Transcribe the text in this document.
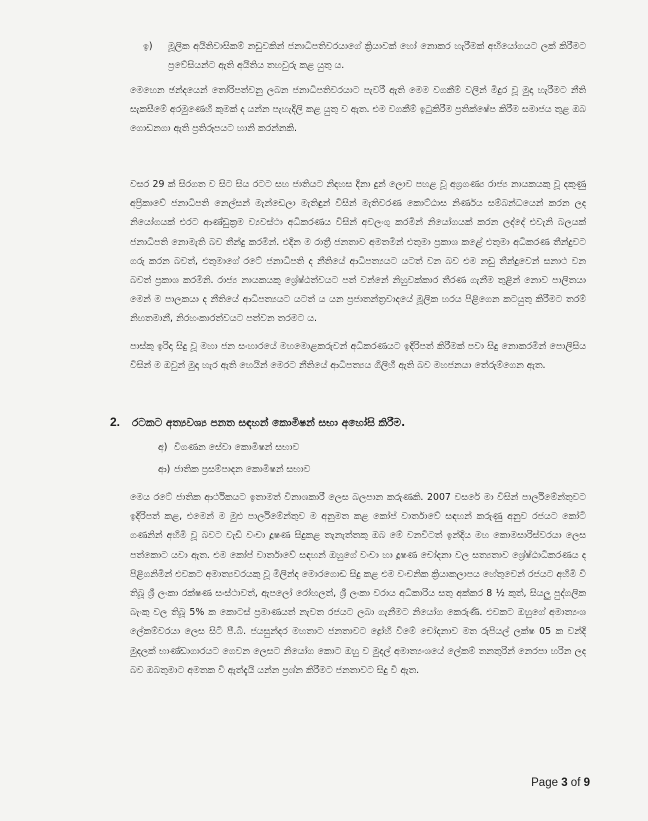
ඉ) මූලික අයිතිවාසිකම් නඩුවකින් ජනාධිපතිවරයාගේ ක්‍රියාවක් හෝ නොකර හැරීමක් අභියෝගයට ලක් කිරීමට ප්‍රවේසියන්ට ඇති අයිතිය තහවුරු කළ යුතු ය.

මෙහෙන ඡන්දයෙන් තෝරිපත්වනු ලබන ජනාධිපතිවරයාට පැවරී ඇති මෙම වගකීම් වලින් මිදුර වූ මුදා හැරීමට නීති සැකසීමේ අරමුණෙහි කුමක් ද යන්න පැහැදිලි කළ යුතු ව ඇත. එම වගකීම් ඉටුකිරීම ප්‍රතික්ෂේප කිරීම සමාජය තුළ ඔබ ගොඩනගා ඇති ප්‍රතිරූපයට හානි කරන්නකි.

වසර 29 ක් සිරගත ව සිට සිය රටට සහ ජාතියට නිදහස දිනා දුන් ලොව පහළ වූ අග්‍රගණ්‍ය රාජ්‍ය නායකයකු වූ දකුණු අප්‍රිකාවේ ජනාධිපති නෙල්සන් මැන්ඩෙලා මැතිඳුන් විසින් මැතිවරණ කොට්ඨාස නිර්ණය සම්බන්ධයෙන් කරන ලද නියෝගයක් එරට ආණ්ඩුක්‍රම ව්‍යවස්ථා අධිකරණය විසින් අවලංගු කරමින් නියෝගයක් කරන ලද්දේ එවැනි බලයක් ජනාධිපති නොමැති බව තීන්දු කරමින්. එදින ම රාත්‍රී ජනතාව අමතමින් එතුමා ප්‍රකාශ කළේ එතුමා අධිකරණ තීන්දුවට ගරු කරන බවත්, එතුමාගේ රටේ ජනාධිපති ද නීතියේ ආධිපත්‍යයට යටත් වන බව එම නඩු තීන්දුවෙන් සනාථ වන බවත් ප්‍රකාශ කරමිනි. රාජ්‍ය නායකයකු ශ්‍රේෂ්ඨත්වයට පත් වන්නේ නිහුවක්කාර තීරණ ගැනීම තුළින් නොව පාලිතයා මෙන් ම පාලකයා ද නීතියේ ආධිපත්‍යයට යටත් ය යන ප්‍රජාතන්ත්‍රවාදයේ මූලික හරය පිළිගෙන කටයුතු කිරීමට තරම් නිහතමානී, නිරහංකාරත්වයට පත්වන තරමට ය.

පාස්කු ඉරිදා සිදු වූ මහා ජන සංහාරයේ මහමොළකරුවන් අධිකරණයට ඉදිරිපත් කිරීමක් පවා සිදු නොකරමින් පොලිසිය විසින් ම ඔවුන් මුදා හැර ඇති හෙයින් මෙරට නීතියේ ආධිපත්‍යය ගිලිහී ඇති බව මහජනයා තේරුම්ගෙන ඇත.

2. රටකට අත්‍යවශ්‍ය පනත සඳහන් කොමිෂන් සභා අහෝසි කිරීම.

අ) විගණන සේවා කොමිෂන් සභාව

ආ) ජාතික ප්‍රසම්පාදන කොමිෂන් සභාව

මෙය රටේ ජාතික ආර්ථිකයට ඉතාමත් විනාශකාරී ලෙස බලපාන කරුණකි. 2007 වසරේ මා විසින් පාර්ලිමේන්තුවට ඉදිරිපත් කළ, එමෙන් ම මුළු පාර්ලිමේන්තුව ම අනුමත කළ කෝප් වාර්තාවේ සඳහන් කරුණු අනුව රජයට කෝටි ගණනින් අහිමි වූ බවට වැඩි වංචා දූෂණ සිදුකළ තැනැත්තකු ඔබ මේ වනවිටත් ඉන්දිය මහ කොමසාරිස්වරයා ලෙස පත්කොට යවා ඇත. එම කෝප් වාර්තාවේ සඳහන් ඔහුගේ වංචා හා දූෂණ චෝදනා වල සත්‍යතාව ශ්‍රේෂ්ඨාධිකරණය ද පිළිගනිමින් එවකට අමාත්‍යවරයකු වූ මිලින්ද මොරගොඩ සිදු කළ එම වංචනික ක්‍රියාකලාපය හේතුවෙන් රජයට අහිමි වී තිබූ ශ්‍රී ලංකා රක්ෂණ සංස්ථාවත්, ඇපලෝ රෝහලත්, ශ්‍රී ලංකා වරාය අධිකාරිය සතු අක්කර 8 ½ කුත්, සියලු පුද්ගලික බැංකු වල තිබූ 5% ක කොටස් ප්‍රමාණයත් නැවත රජයට ලබා ගැනීමට නියෝග කෙරුණි. එවකට ඔහුගේ අමාත්‍යංශ ලේකම්වරයා ලෙස සිටි පී.බී. ජයසුන්දර මහතාට ජනතාවට ද්‍රෝහි වීමේ චෝදනාව මත රුපියල් ලක්ෂ 05 ක වන්දි මුදලක් භාණ්ඩාගාරයට ගෙවන ලෙසට නියෝග කොට ඔහු ව මුදල් අමාත්‍යංශයේ ලේකම් තනතුරින් නෙරපා හරින ලද බව ඔබතුමාට අමතක වී ඇත්දැයි යන්න ප්‍රශ්න කිරීමට ජනතාවට සිදු වී ඇත.

Page 3 of 9
